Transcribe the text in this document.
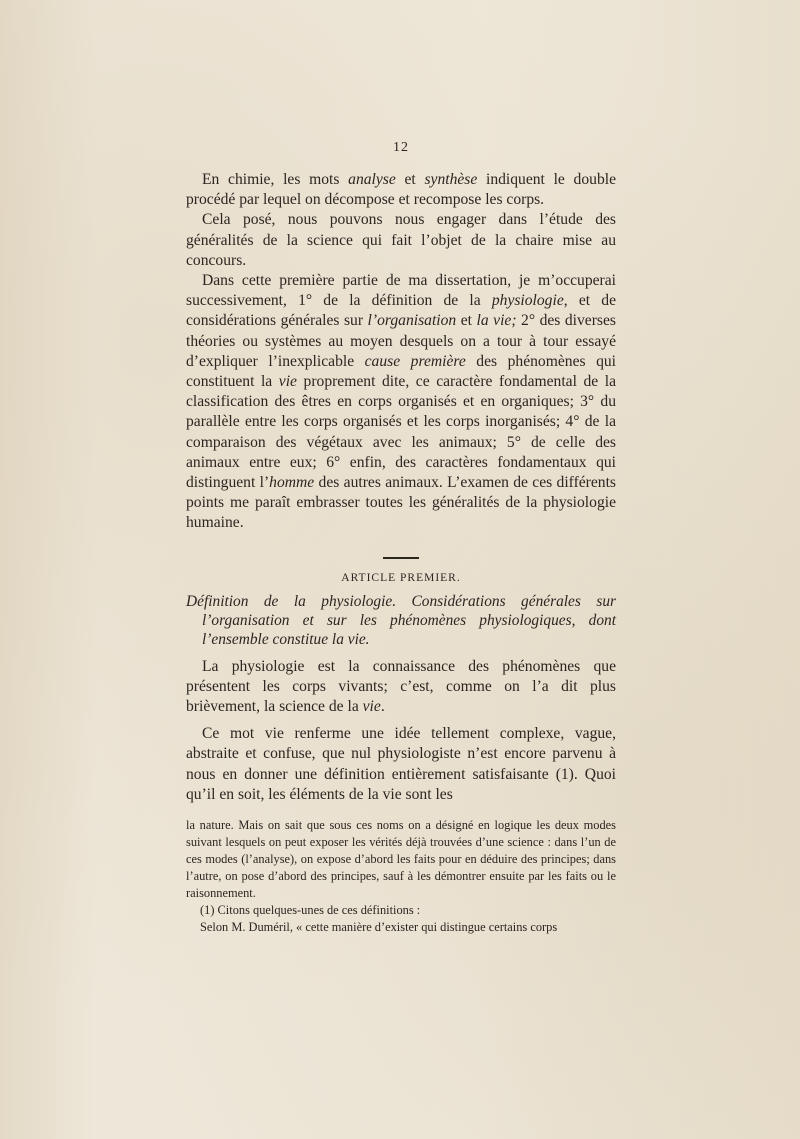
12

En chimie, les mots analyse et synthèse indiquent le double procédé par lequel on décompose et recompose les corps.

Cela posé, nous pouvons nous engager dans l’étude des généralités de la science qui fait l’objet de la chaire mise au concours.

Dans cette première partie de ma dissertation, je m’occuperai successivement, 1° de la définition de la physiologie, et de considérations générales sur l’organisation et la vie; 2° des diverses théories ou systèmes au moyen desquels on a tour à tour essayé d’expliquer l’inexplicable cause première des phénomènes qui constituent la vie proprement dite, ce caractère fondamental de la classification des êtres en corps organisés et en organiques; 3° du parallèle entre les corps organisés et les corps inorganisés; 4° de la comparaison des végétaux avec les animaux; 5° de celle des animaux entre eux; 6° enfin, des caractères fondamentaux qui distinguent l’homme des autres animaux. L’examen de ces différents points me paraît embrasser toutes les généralités de la physiologie humaine.

ARTICLE PREMIER.

Définition de la physiologie. Considérations générales sur l’organisation et sur les phénomènes physiologiques, dont l’ensemble constitue la vie.

La physiologie est la connaissance des phénomènes que présentent les corps vivants; c’est, comme on l’a dit plus brièvement, la science de la vie.

Ce mot vie renferme une idée tellement complexe, vague, abstraite et confuse, que nul physiologiste n’est encore parvenu à nous en donner une définition entièrement satisfaisante (1). Quoi qu’il en soit, les éléments de la vie sont les

la nature. Mais on sait que sous ces noms on a désigné en logique les deux modes suivant lesquels on peut exposer les vérités déjà trouvées d’une science : dans l’un de ces modes (l’analyse), on expose d’abord les faits pour en déduire des principes; dans l’autre, on pose d’abord des principes, sauf à les démontrer ensuite par les faits ou le raisonnement.

(1) Citons quelques-unes de ces définitions :

Selon M. Duméril, « cette manière d’exister qui distingue certains corps
